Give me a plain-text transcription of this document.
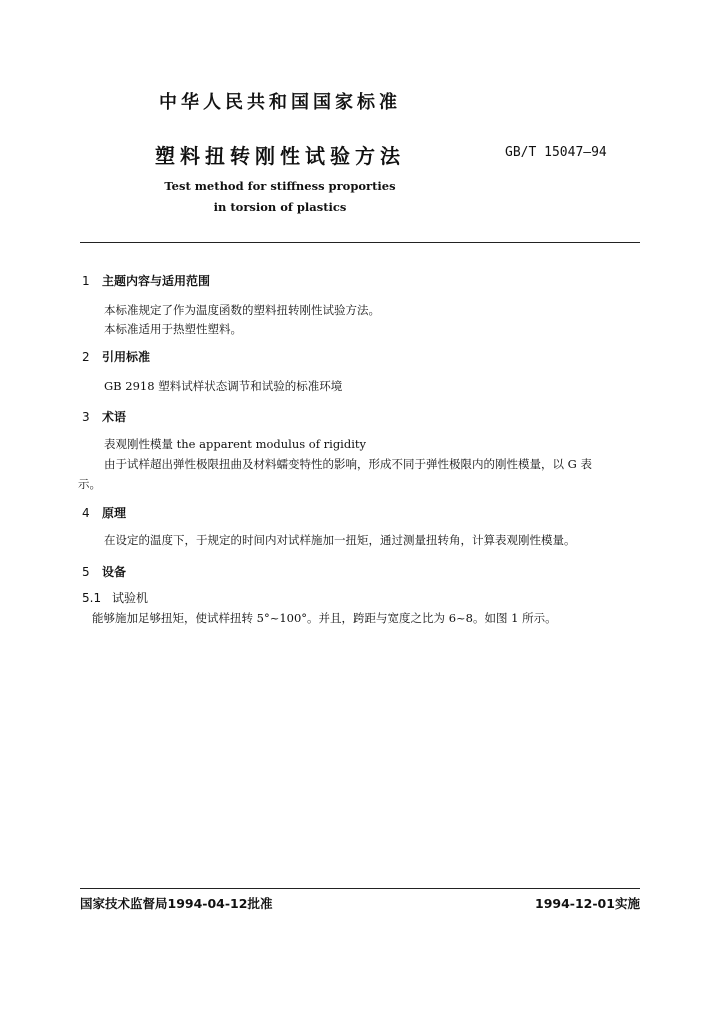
中华人民共和国国家标准
塑料扭转刚性试验方法	GB/T 15047—94
Test method for stiffness proporties
in torsion of plastics
1 主题内容与适用范围
本标准规定了作为温度函数的塑料扭转刚性试验方法。
本标准适用于热塑性塑料。
2 引用标准
GB 2918 塑料试样状态调节和试验的标准环境
3 术语
表观刚性模量 the apparent modulus of rigidity
由于试样超出弹性极限扭曲及材料蠕变特性的影响，形成不同于弹性极限内的刚性模量，以 G 表
示。
4 原理
在设定的温度下，于规定的时间内对试样施加一扭矩，通过测量扭转角，计算表观刚性模量。
5 设备
5.1 试验机
能够施加足够扭矩，使试样扭转 5°~100°。并且，跨距与宽度之比为 6~8。如图 1 所示。
国家技术监督局1994-04-12批准	1994-12-01实施
